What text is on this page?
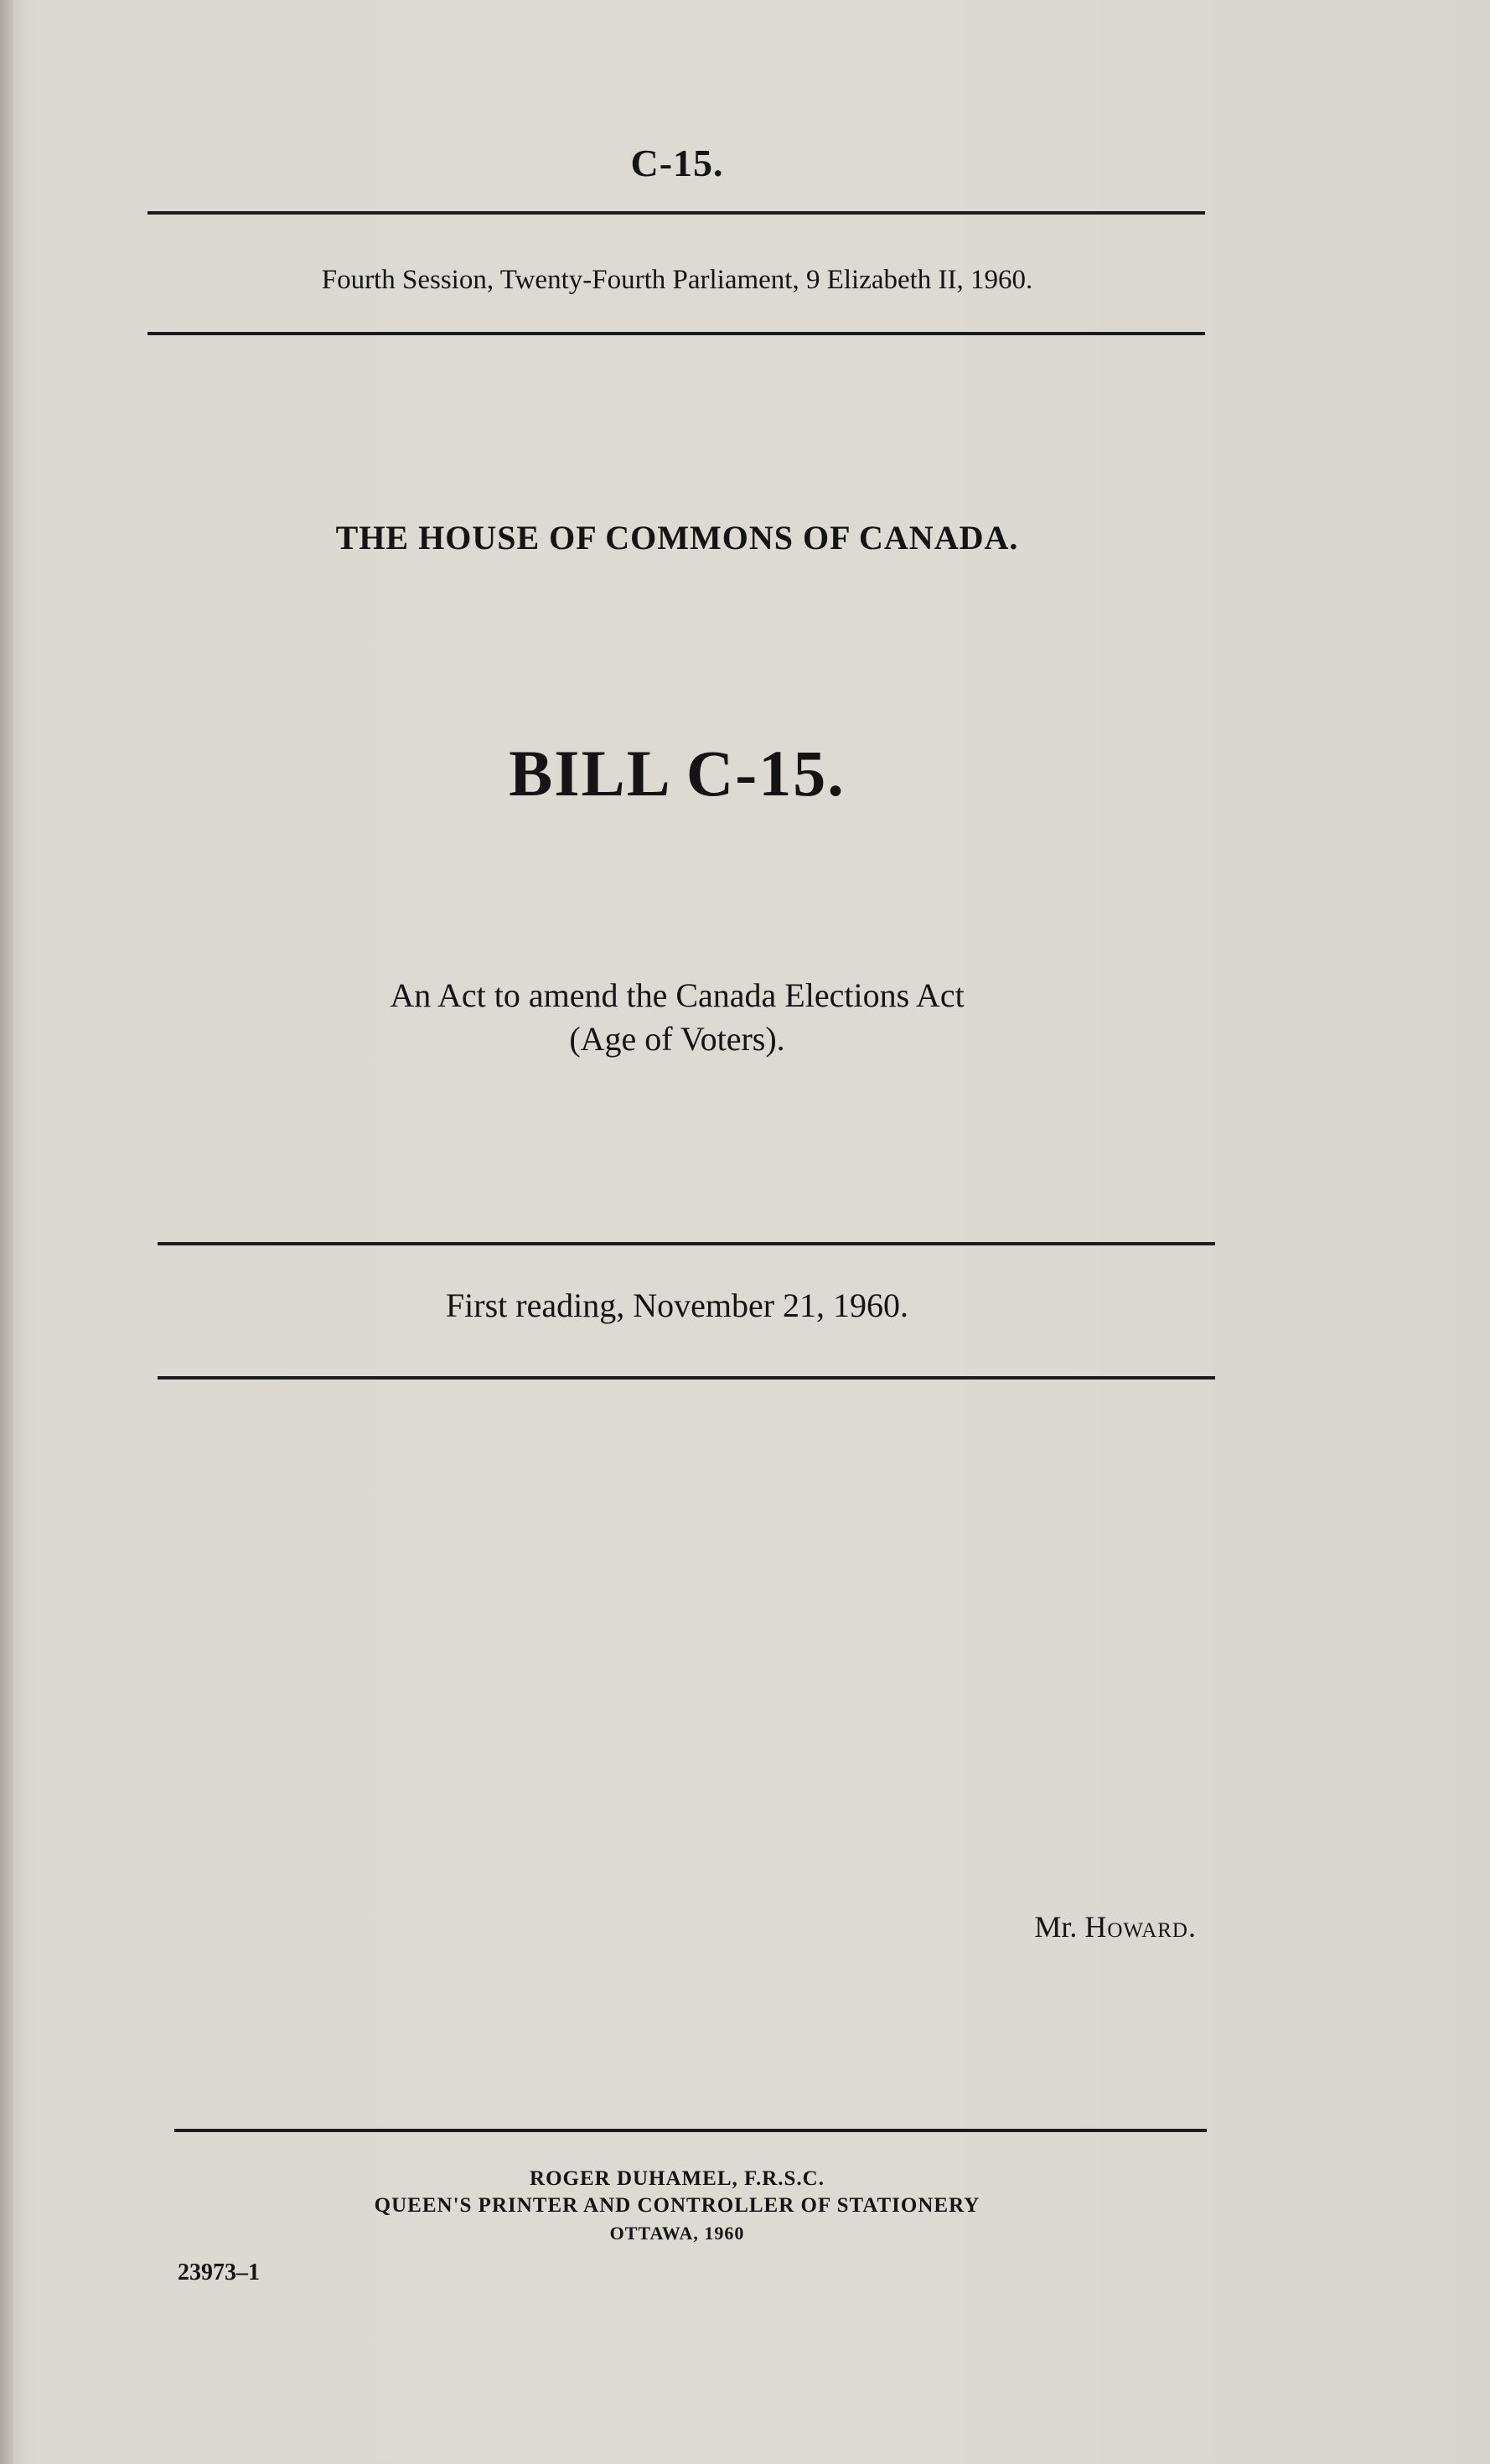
C-15.
Fourth Session, Twenty-Fourth Parliament, 9 Elizabeth II, 1960.
THE HOUSE OF COMMONS OF CANADA.
BILL C-15.
An Act to amend the Canada Elections Act
(Age of Voters).
First reading, November 21, 1960.
Mr. Howard.
ROGER DUHAMEL, F.R.S.C.
QUEEN'S PRINTER AND CONTROLLER OF STATIONERY
OTTAWA, 1960
23973–1
